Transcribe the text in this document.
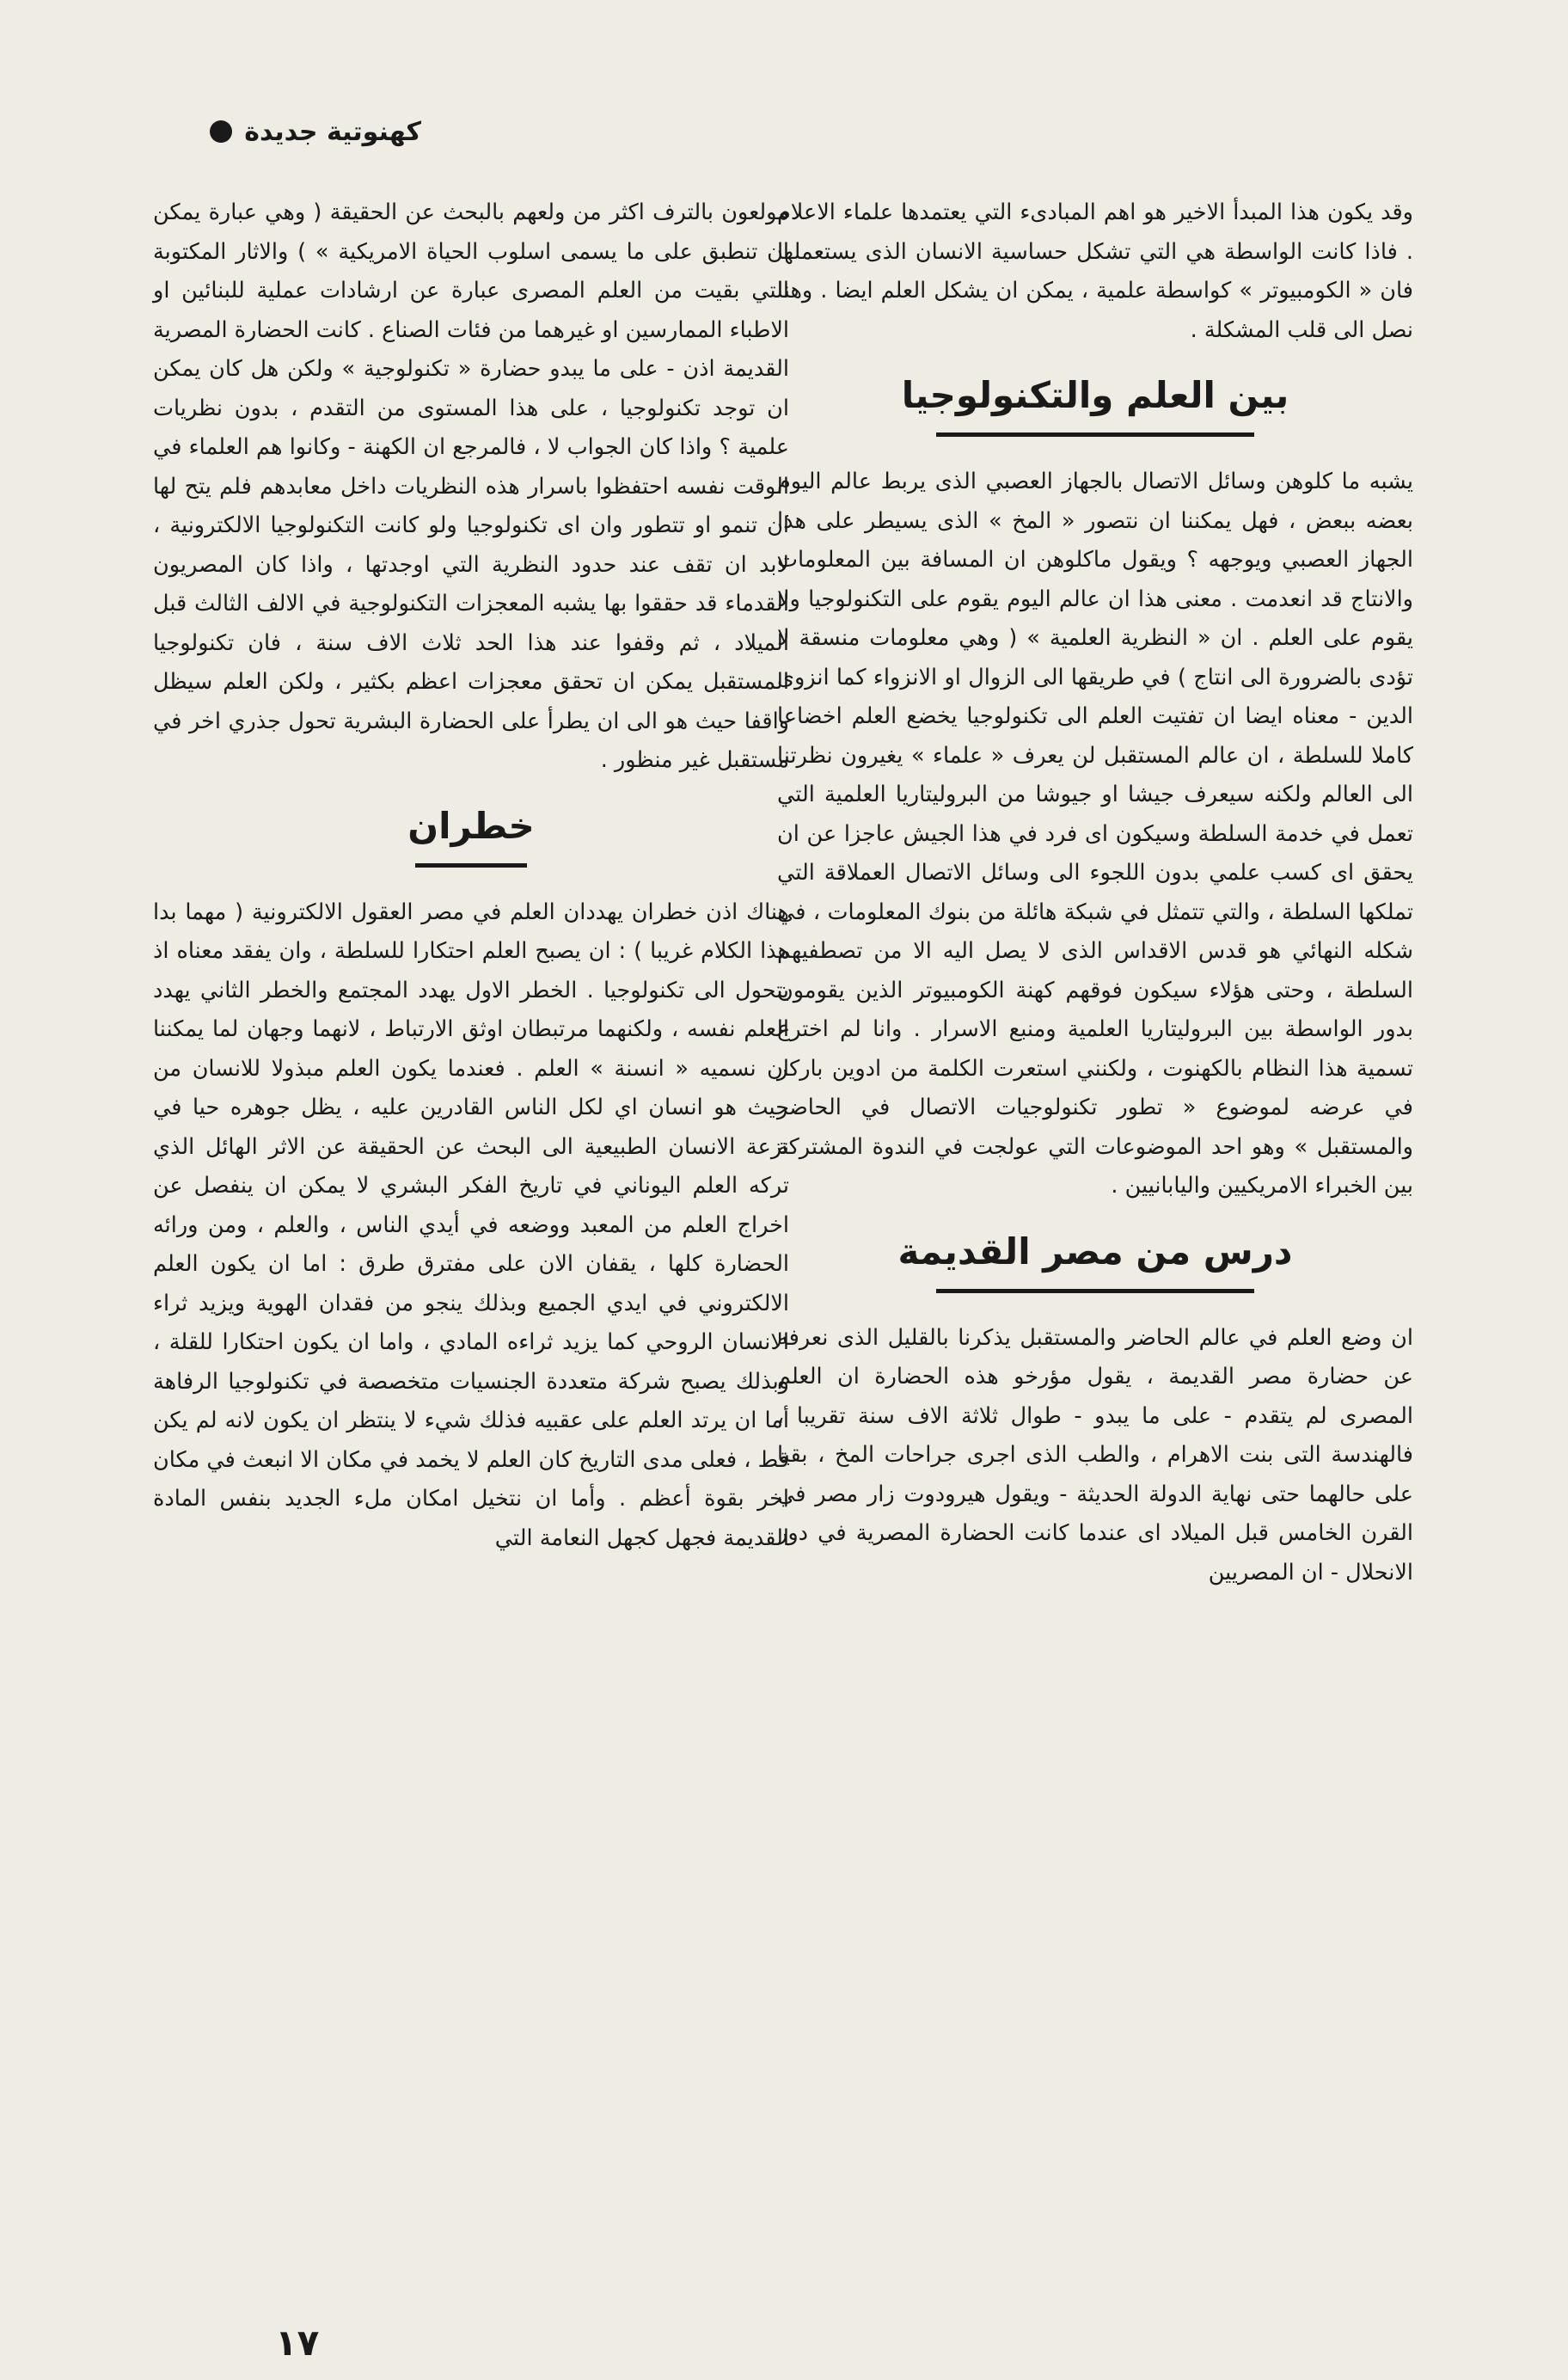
كهنوتية جديدة

وقد يكون هذا المبدأ الاخير هو اهم المبادىء التي يعتمدها علماء الاعلام . فاذا كانت الواسطة هي التي تشكل حساسية الانسان الذى يستعملها فان « الكومبيوتر » كواسطة علمية ، يمكن ان يشكل العلم ايضا . وهنا نصل الى قلب المشكلة .

بين العلم والتكنولوجيا

يشبه ما كلوهن وسائل الاتصال بالجهاز العصبي الذى يربط عالم اليوم بعضه ببعض ، فهل يمكننا ان نتصور « المخ » الذى يسيطر على هذا الجهاز العصبي ويوجهه ؟ ويقول ماكلوهن ان المسافة بين المعلومات والانتاج قد انعدمت . معنى هذا ان عالم اليوم يقوم على التكنولوجيا ولا يقوم على العلم . ان « النظرية العلمية » ( وهي معلومات منسقة لا تؤدى بالضرورة الى انتاج ) في طريقها الى الزوال او الانزواء كما انزوى الدين - معناه ايضا ان تفتيت العلم الى تكنولوجيا يخضع العلم اخضاعا كاملا للسلطة ، ان عالم المستقبل لن يعرف « علماء » يغيرون نظرتنا الى العالم ولكنه سيعرف جيشا او جيوشا من البروليتاريا العلمية التي تعمل في خدمة السلطة وسيكون اى فرد في هذا الجيش عاجزا عن ان يحقق اى كسب علمي بدون اللجوء الى وسائل الاتصال العملاقة التي تملكها السلطة ، والتي تتمثل في شبكة هائلة من بنوك المعلومات ، في شكله النهائي هو قدس الاقداس الذى لا يصل اليه الا من تصطفيهم السلطة ، وحتى هؤلاء سيكون فوقهم كهنة الكومبيوتر الذين يقومون بدور الواسطة بين البروليتاريا العلمية ومنبع الاسرار . وانا لم اخترع تسمية هذا النظام بالكهنوت ، ولكنني استعرت الكلمة من ادوين باركر في عرضه لموضوع « تطور تكنولوجيات الاتصال في الحاضر والمستقبل » وهو احد الموضوعات التي عولجت في الندوة المشتركة بين الخبراء الامريكيين واليابانيين .

درس من مصر القديمة

ان وضع العلم في عالم الحاضر والمستقبل يذكرنا بالقليل الذى نعرفه عن حضارة مصر القديمة ، يقول مؤرخو هذه الحضارة ان العلم المصرى لم يتقدم - على ما يبدو - طوال ثلاثة الاف سنة تقريبا ، فالهندسة التى بنت الاهرام ، والطب الذى اجرى جراحات المخ ، بقيا على حالهما حتى نهاية الدولة الحديثة - ويقول هيرودوت زار مصر في القرن الخامس قبل الميلاد اى عندما كانت الحضارة المصرية في دور الانحلال - ان المصريين

مولعون بالترف اكثر من ولعهم بالبحث عن الحقيقة ( وهي عبارة يمكن ان تنطبق على ما يسمى اسلوب الحياة الامريكية » ) والاثار المكتوبة التي بقيت من العلم المصرى عبارة عن ارشادات عملية للبنائين او الاطباء الممارسين او غيرهما من فئات الصناع . كانت الحضارة المصرية القديمة اذن - على ما يبدو حضارة « تكنولوجية » ولكن هل كان يمكن ان توجد تكنولوجيا ، على هذا المستوى من التقدم ، بدون نظريات علمية ؟ واذا كان الجواب لا ، فالمرجع ان الكهنة - وكانوا هم العلماء في الوقت نفسه احتفظوا باسرار هذه النظريات داخل معابدهم فلم يتح لها ان تنمو او تتطور وان اى تكنولوجيا ولو كانت التكنولوجيا الالكترونية ، لابد ان تقف عند حدود النظرية التي اوجدتها ، واذا كان المصريون القدماء قد حققوا بها يشبه المعجزات التكنولوجية في الالف الثالث قبل الميلاد ، ثم وقفوا عند هذا الحد ثلاث الاف سنة ، فان تكنولوجيا المستقبل يمكن ان تحقق معجزات اعظم بكثير ، ولكن العلم سيظل واقفا حيث هو الى ان يطرأ على الحضارة البشرية تحول جذري اخر في مستقبل غير منظور .

خطران

هناك اذن خطران يهددان العلم في مصر العقول الالكترونية ( مهما بدا هذا الكلام غريبا ) : ان يصبح العلم احتكارا للسلطة ، وان يفقد معناه اذ يتحول الى تكنولوجيا . الخطر الاول يهدد المجتمع والخطر الثاني يهدد العلم نفسه ، ولكنهما مرتبطان اوثق الارتباط ، لانهما وجهان لما يمكننا ان نسميه « انسنة » العلم . فعندما يكون العلم مبذولا للانسان من حيث هو انسان اي لكل الناس القادرين عليه ، يظل جوهره حيا في نزعة الانسان الطبيعية الى البحث عن الحقيقة عن الاثر الهائل الذي تركه العلم اليوناني في تاريخ الفكر البشري لا يمكن ان ينفصل عن اخراج العلم من المعبد ووضعه في أيدي الناس ، والعلم ، ومن ورائه الحضارة كلها ، يقفان الان على مفترق طرق : اما ان يكون العلم الالكتروني في ايدي الجميع وبذلك ينجو من فقدان الهوية ويزيد ثراء الانسان الروحي كما يزيد ثراءه المادي ، واما ان يكون احتكارا للقلة ، وبذلك يصبح شركة متعددة الجنسيات متخصصة في تكنولوجيا الرفاهة أما ان يرتد العلم على عقبيه فذلك شيء لا ينتظر ان يكون لانه لم يكن قط ، فعلى مدى التاريخ كان العلم لا يخمد في مكان الا انبعث في مكان اخر بقوة أعظم . وأما ان نتخيل امكان ملء الجديد بنفس المادة القديمة فجهل كجهل النعامة التي

١٧
